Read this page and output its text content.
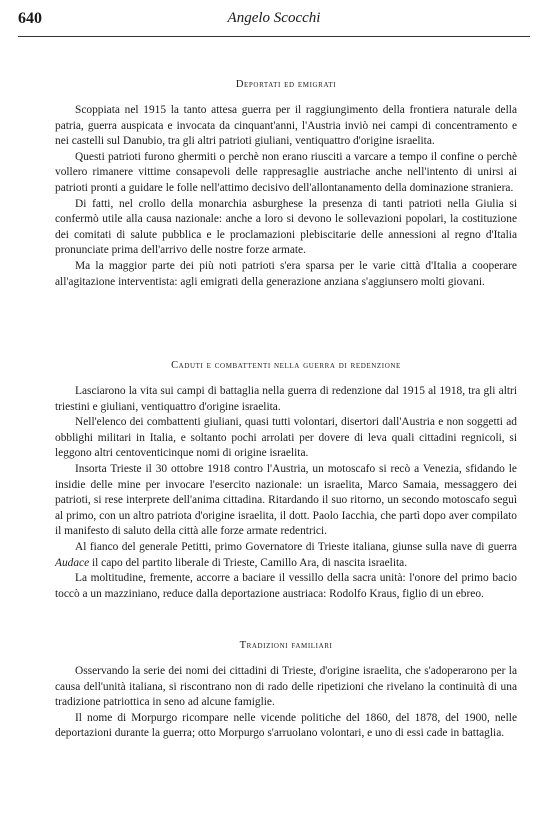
640	Angelo Scocchi
Deportati ed emigrati

Scoppiata nel 1915 la tanto attesa guerra per il raggiungimento della frontiera naturale della patria, guerra auspicata e invocata da cinquant'anni, l'Austria inviò nei campi di concentramento e nei castelli sul Danubio, tra gli altri patrioti giuliani, ventiquattro d'origine israelita.

Questi patrioti furono ghermiti o perchè non erano riusciti a varcare a tempo il confine o perchè vollero rimanere vittime consapevoli delle rappresaglie austriache anche nell'intento di unirsi ai patrioti pronti a guidare le folle nell'attimo decisivo dell'allontanamento della dominazione straniera.

Di fatti, nel crollo della monarchia asburghese la presenza di tanti patrioti nella Giulia si confermò utile alla causa nazionale: anche a loro si devono le sollevazioni popolari, la costituzione dei comitati di salute pubblica e le proclamazioni plebiscitarie delle annessioni al regno d'Italia pronunciate prima dell'arrivo delle nostre forze armate.

Ma la maggior parte dei più noti patrioti s'era sparsa per le varie città d'Italia a cooperare all'agitazione interventista: agli emigrati della generazione anziana s'aggiunsero molti giovani.

Caduti e combattenti nella guerra di redenzione

Lasciarono la vita sui campi di battaglia nella guerra di redenzione dal 1915 al 1918, tra gli altri triestini e giuliani, ventiquattro d'origine israelita.

Nell'elenco dei combattenti giuliani, quasi tutti volontari, disertori dall'Austria e non soggetti ad obblighi militari in Italia, e soltanto pochi arrolati per dovere di leva quali cittadini regnicoli, si leggono altri centoventicinque nomi di origine israelita.

Insorta Trieste il 30 ottobre 1918 contro l'Austria, un motoscafo si recò a Venezia, sfidando le insidie delle mine per invocare l'esercito nazionale: un israelita, Marco Samaia, messaggero dei patrioti, si rese interprete dell'anima cittadina. Ritardando il suo ritorno, un secondo motoscafo seguì al primo, con un altro patriota d'origine israelita, il dott. Paolo Iacchia, che partì dopo aver compilato il manifesto di saluto della città alle forze armate redentrici.

Al fianco del generale Petitti, primo Governatore di Trieste italiana, giunse sulla nave di guerra Audace il capo del partito liberale di Trieste, Camillo Ara, di nascita israelita.

La moltitudine, fremente, accorre a baciare il vessillo della sacra unità: l'onore del primo bacio toccò a un mazziniano, reduce dalla deportazione austriaca: Rodolfo Kraus, figlio di un ebreo.

Tradizioni familiari

Osservando la serie dei nomi dei cittadini di Trieste, d'origine israelita, che s'adoperarono per la causa dell'unità italiana, si riscontrano non di rado delle ripetizioni che rivelano la continuità di una tradizione patriottica in seno ad alcune famiglie.

Il nome di Morpurgo ricompare nelle vicende politiche del 1860, del 1878, del 1900, nelle deportazioni durante la guerra; otto Morpurgo s'arruolano volontari, e uno di essi cade in battaglia.
